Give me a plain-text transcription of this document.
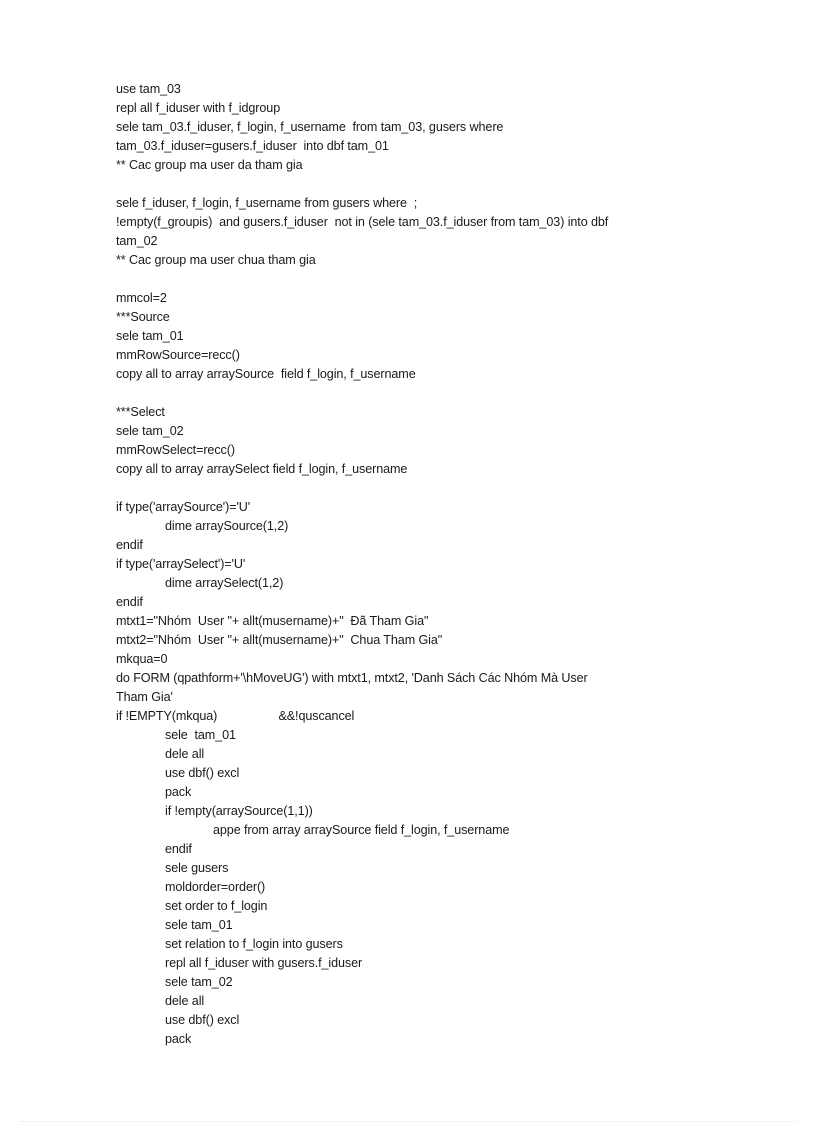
use tam_03
repl all f_iduser with f_idgroup
sele tam_03.f_iduser, f_login, f_username  from tam_03, gusers where
tam_03.f_iduser=gusers.f_iduser  into dbf tam_01
** Cac group ma user da tham gia
sele f_iduser, f_login, f_username from gusers where  ;
!empty(f_groupis)  and gusers.f_iduser  not in (sele tam_03.f_iduser from tam_03) into dbf
tam_02
** Cac group ma user chua tham gia
mmcol=2
***Source
sele tam_01
mmRowSource=recc()
copy all to array arraySource  field f_login, f_username
***Select
sele tam_02
mmRowSelect=recc()
copy all to array arraySelect field f_login, f_username
if type('arraySource')='U'
dime arraySource(1,2)
endif
if type('arraySelect')='U'
dime arraySelect(1,2)
endif
mtxt1="Nhóm  User "+ allt(musername)+"  Đã Tham Gia"
mtxt2="Nhóm  User "+ allt(musername)+"  Chua Tham Gia"
mkqua=0
do FORM (qpathform+'\hMoveUG') with mtxt1, mtxt2, 'Danh Sách Các Nhóm Mà User
Tham Gia'
if !EMPTY(mkqua)                  &&!quscancel
sele  tam_01
dele all
use dbf() excl
pack
if !empty(arraySource(1,1))
appe from array arraySource field f_login, f_username
endif
sele gusers
moldorder=order()
set order to f_login
sele tam_01
set relation to f_login into gusers
repl all f_iduser with gusers.f_iduser
sele tam_02
dele all
use dbf() excl
pack
